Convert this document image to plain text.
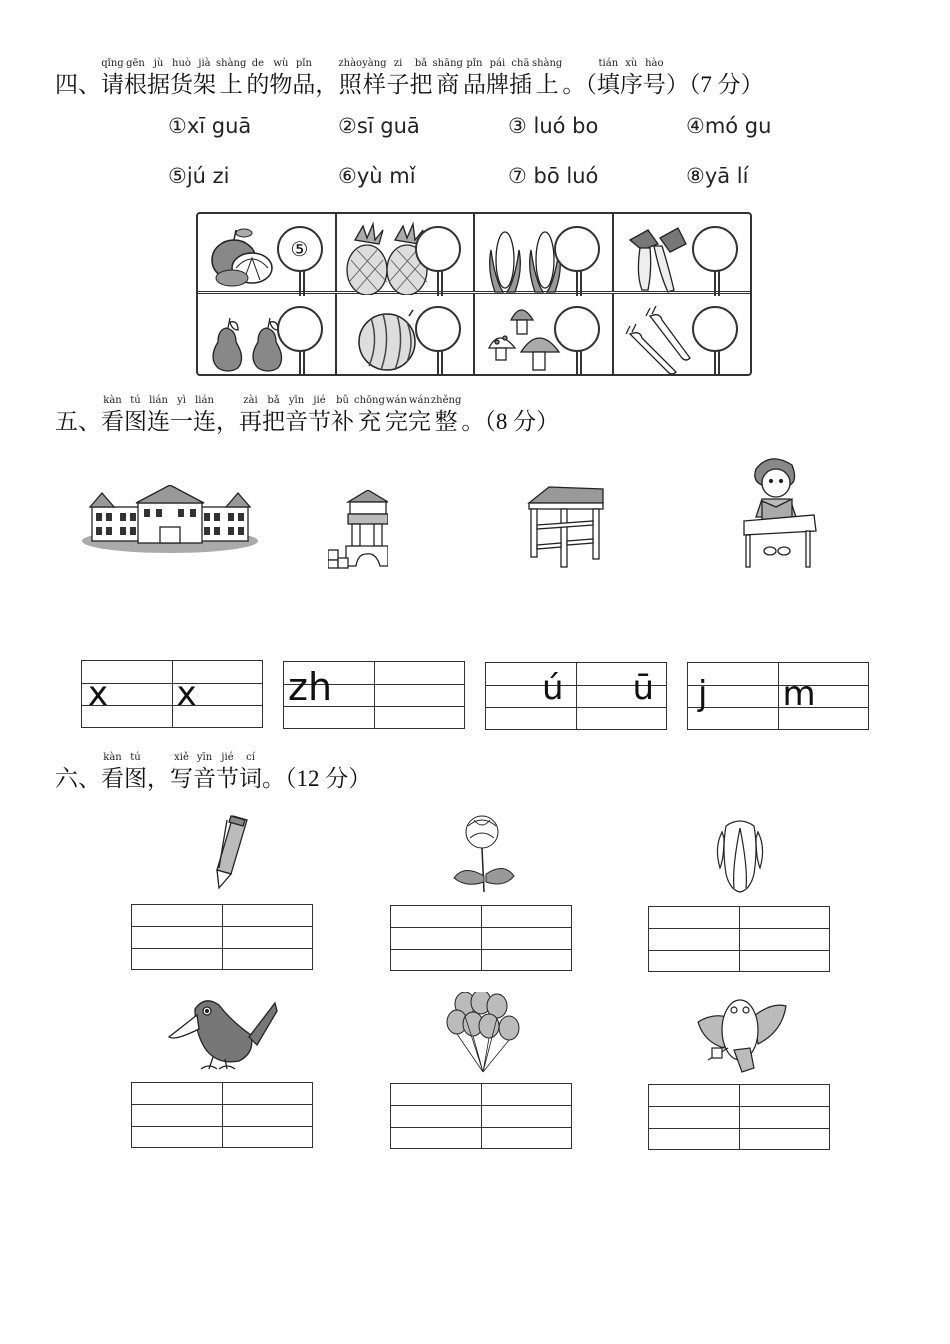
四、
qǐng
请
gēn
根
jù
据
huò
货
jià
架
shàng
上
de
的
wù
物
pǐn
品 ，
zhào
照
yàng
样
zi
子
bǎ
把
shāng
商
pǐn
品
pái
牌
chā
插
shàng
上 。（
tián
填
xù
序
hào
号 ）（7 分）
①xī guā	②sī guā	③ luó bo	④mó gu
⑤jú zi	⑥yù mǐ	⑦ bō luó	⑧yā lí
⑤
五、
kàn
看
tú
图
lián
连
yì
一
lián
连 ，
zài
再
bǎ
把
yīn
音
jié
节
bǔ
补
chōng
充
wán
完
wán
完
zhěng
整 。（8 分）
x x zh	ú ū j m
六、
kàn
看
tú
图 ，
xiě
写
yīn
音
jié
节
cí
词 。（12 分）
